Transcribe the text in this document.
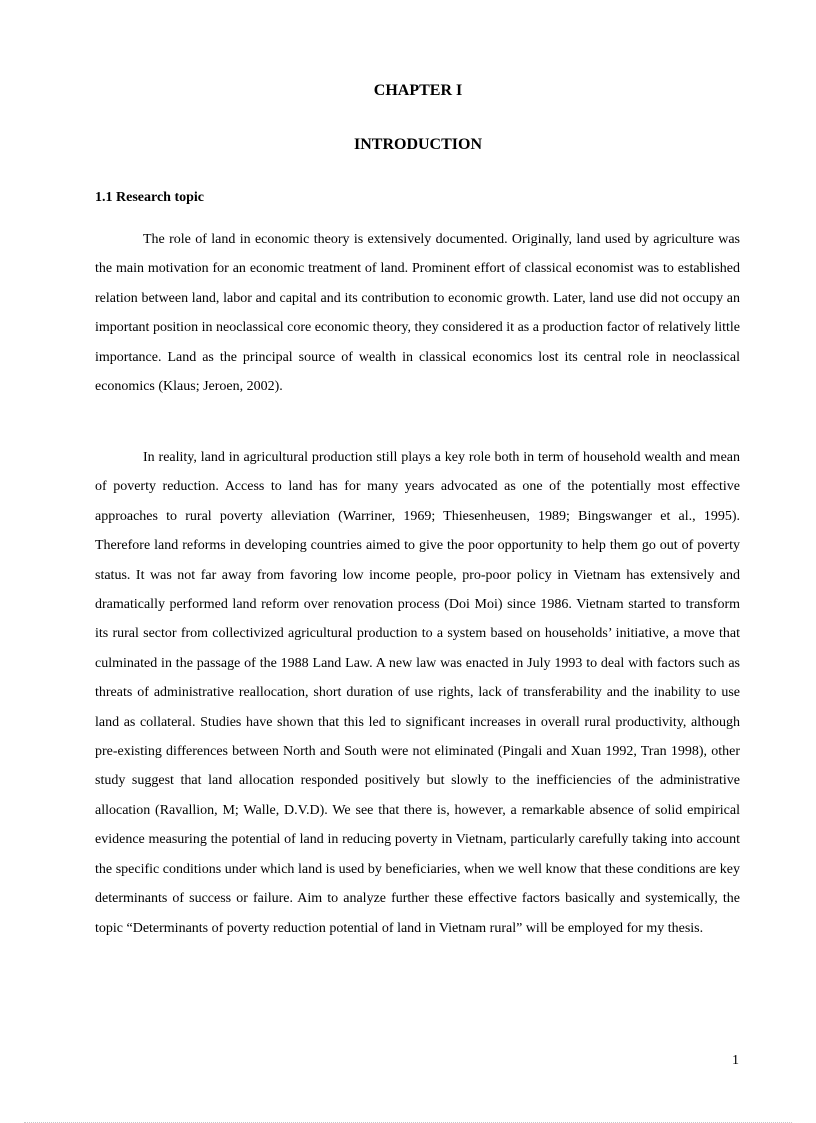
CHAPTER I
INTRODUCTION
1.1 Research topic

The role of land in economic theory is extensively documented. Originally, land used by agriculture was the main motivation for an economic treatment of land. Prominent effort of classical economist was to established relation between land, labor and capital and its contribution to economic growth. Later, land use did not occupy an important position in neoclassical core economic theory, they considered it as a production factor of relatively little importance. Land as the principal source of wealth in classical economics lost its central role in neoclassical economics (Klaus; Jeroen, 2002).

In reality, land in agricultural production still plays a key role both in term of household wealth and mean of poverty reduction. Access to land has for many years advocated as one of the potentially most effective approaches to rural poverty alleviation (Warriner, 1969; Thiesenheusen, 1989; Bingswanger et al., 1995). Therefore land reforms in developing countries aimed to give the poor opportunity to help them go out of poverty status. It was not far away from favoring low income people, pro-poor policy in Vietnam has extensively and dramatically performed land reform over renovation process (Doi Moi) since 1986. Vietnam started to transform its rural sector from collectivized agricultural production to a system based on households’ initiative, a move that culminated in the passage of the 1988 Land Law. A new law was enacted in July 1993 to deal with factors such as threats of administrative reallocation, short duration of use rights, lack of transferability and the inability to use land as collateral. Studies have shown that this led to significant increases in overall rural productivity, although pre-existing differences between North and South were not eliminated (Pingali and Xuan 1992, Tran 1998), other study suggest that land allocation responded positively but slowly to the inefficiencies of the administrative allocation (Ravallion, M; Walle, D.V.D). We see that there is, however, a remarkable absence of solid empirical evidence measuring the potential of land in reducing poverty in Vietnam, particularly carefully taking into account the specific conditions under which land is used by beneficiaries, when we well know that these conditions are key determinants of success or failure. Aim to analyze further these effective factors basically and systemically, the topic “Determinants of poverty reduction potential of land in Vietnam rural” will be employed for my thesis.

1
